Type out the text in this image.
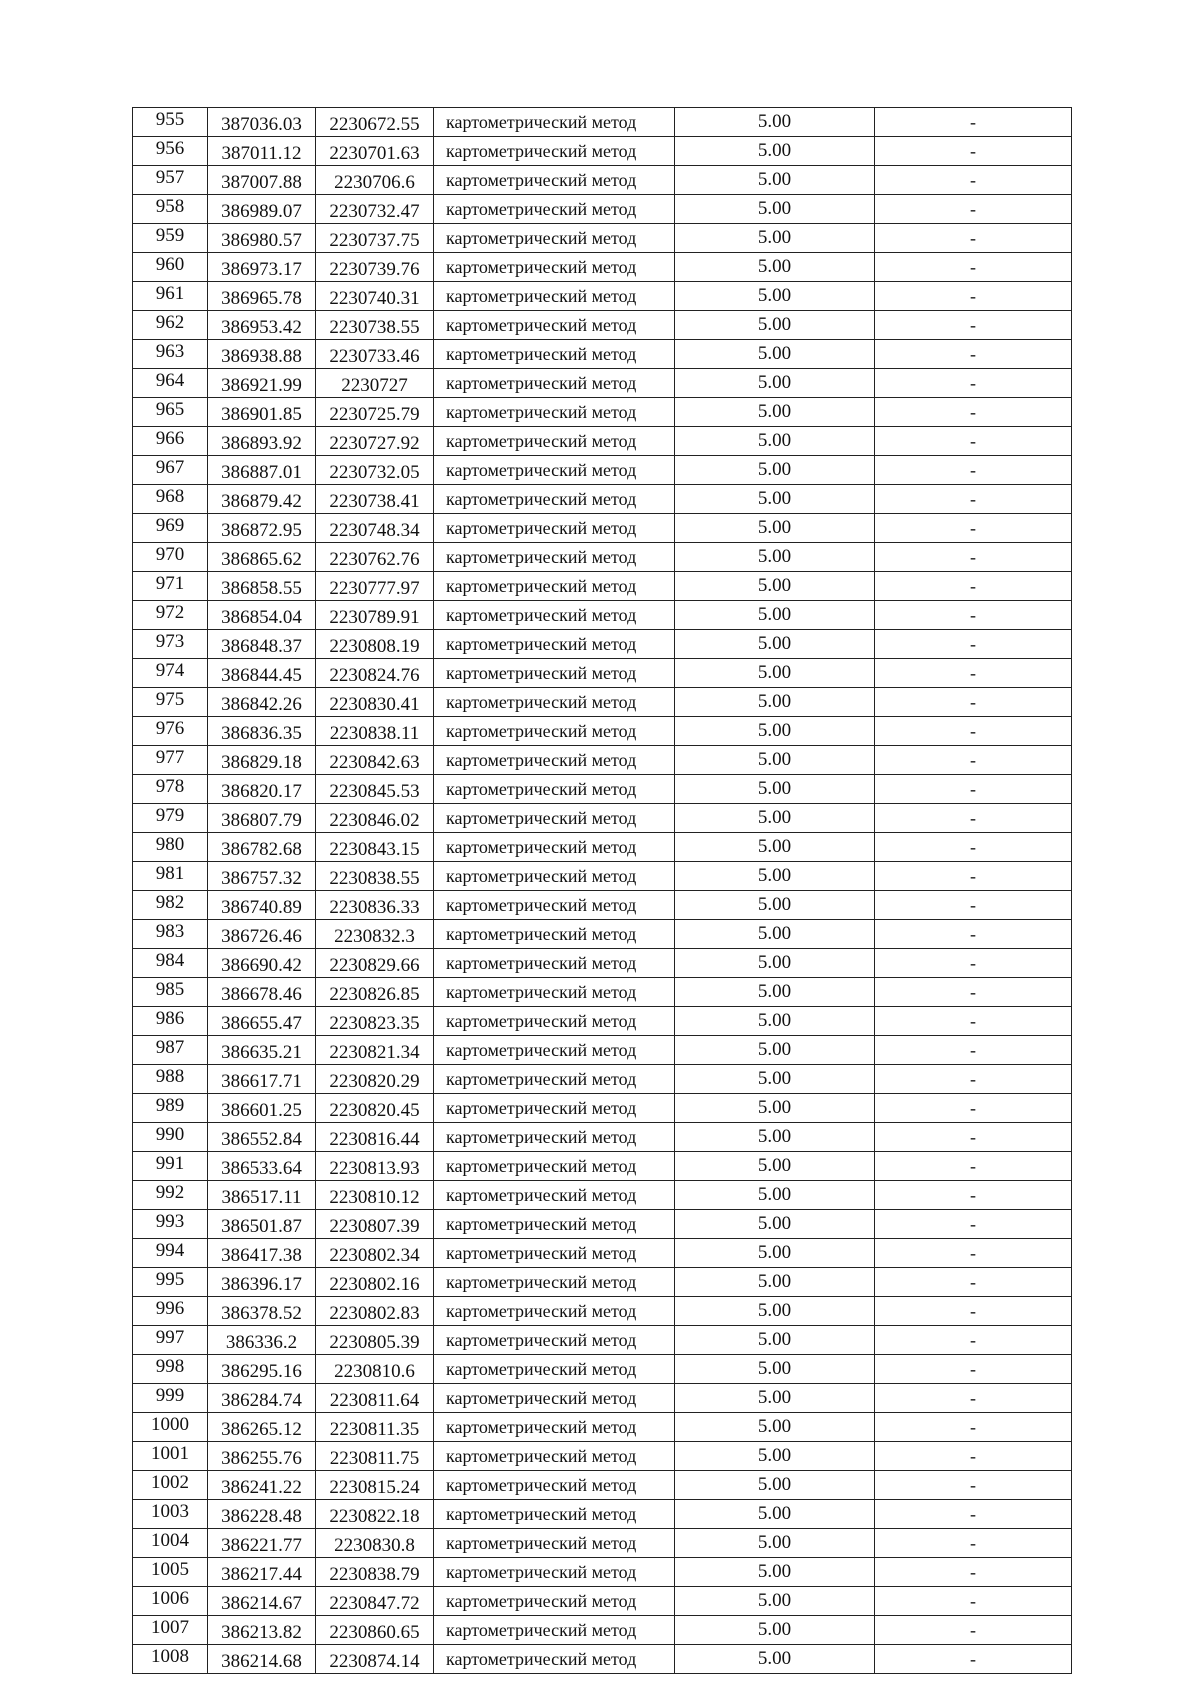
955	387036.03	2230672.55	картометрический метод	5.00	-
956	387011.12	2230701.63	картометрический метод	5.00	-
957	387007.88	2230706.6	картометрический метод	5.00	-
958	386989.07	2230732.47	картометрический метод	5.00	-
959	386980.57	2230737.75	картометрический метод	5.00	-
960	386973.17	2230739.76	картометрический метод	5.00	-
961	386965.78	2230740.31	картометрический метод	5.00	-
962	386953.42	2230738.55	картометрический метод	5.00	-
963	386938.88	2230733.46	картометрический метод	5.00	-
964	386921.99	2230727	картометрический метод	5.00	-
965	386901.85	2230725.79	картометрический метод	5.00	-
966	386893.92	2230727.92	картометрический метод	5.00	-
967	386887.01	2230732.05	картометрический метод	5.00	-
968	386879.42	2230738.41	картометрический метод	5.00	-
969	386872.95	2230748.34	картометрический метод	5.00	-
970	386865.62	2230762.76	картометрический метод	5.00	-
971	386858.55	2230777.97	картометрический метод	5.00	-
972	386854.04	2230789.91	картометрический метод	5.00	-
973	386848.37	2230808.19	картометрический метод	5.00	-
974	386844.45	2230824.76	картометрический метод	5.00	-
975	386842.26	2230830.41	картометрический метод	5.00	-
976	386836.35	2230838.11	картометрический метод	5.00	-
977	386829.18	2230842.63	картометрический метод	5.00	-
978	386820.17	2230845.53	картометрический метод	5.00	-
979	386807.79	2230846.02	картометрический метод	5.00	-
980	386782.68	2230843.15	картометрический метод	5.00	-
981	386757.32	2230838.55	картометрический метод	5.00	-
982	386740.89	2230836.33	картометрический метод	5.00	-
983	386726.46	2230832.3	картометрический метод	5.00	-
984	386690.42	2230829.66	картометрический метод	5.00	-
985	386678.46	2230826.85	картометрический метод	5.00	-
986	386655.47	2230823.35	картометрический метод	5.00	-
987	386635.21	2230821.34	картометрический метод	5.00	-
988	386617.71	2230820.29	картометрический метод	5.00	-
989	386601.25	2230820.45	картометрический метод	5.00	-
990	386552.84	2230816.44	картометрический метод	5.00	-
991	386533.64	2230813.93	картометрический метод	5.00	-
992	386517.11	2230810.12	картометрический метод	5.00	-
993	386501.87	2230807.39	картометрический метод	5.00	-
994	386417.38	2230802.34	картометрический метод	5.00	-
995	386396.17	2230802.16	картометрический метод	5.00	-
996	386378.52	2230802.83	картометрический метод	5.00	-
997	386336.2	2230805.39	картометрический метод	5.00	-
998	386295.16	2230810.6	картометрический метод	5.00	-
999	386284.74	2230811.64	картометрический метод	5.00	-
1000	386265.12	2230811.35	картометрический метод	5.00	-
1001	386255.76	2230811.75	картометрический метод	5.00	-
1002	386241.22	2230815.24	картометрический метод	5.00	-
1003	386228.48	2230822.18	картометрический метод	5.00	-
1004	386221.77	2230830.8	картометрический метод	5.00	-
1005	386217.44	2230838.79	картометрический метод	5.00	-
1006	386214.67	2230847.72	картометрический метод	5.00	-
1007	386213.82	2230860.65	картометрический метод	5.00	-
1008	386214.68	2230874.14	картометрический метод	5.00	-
